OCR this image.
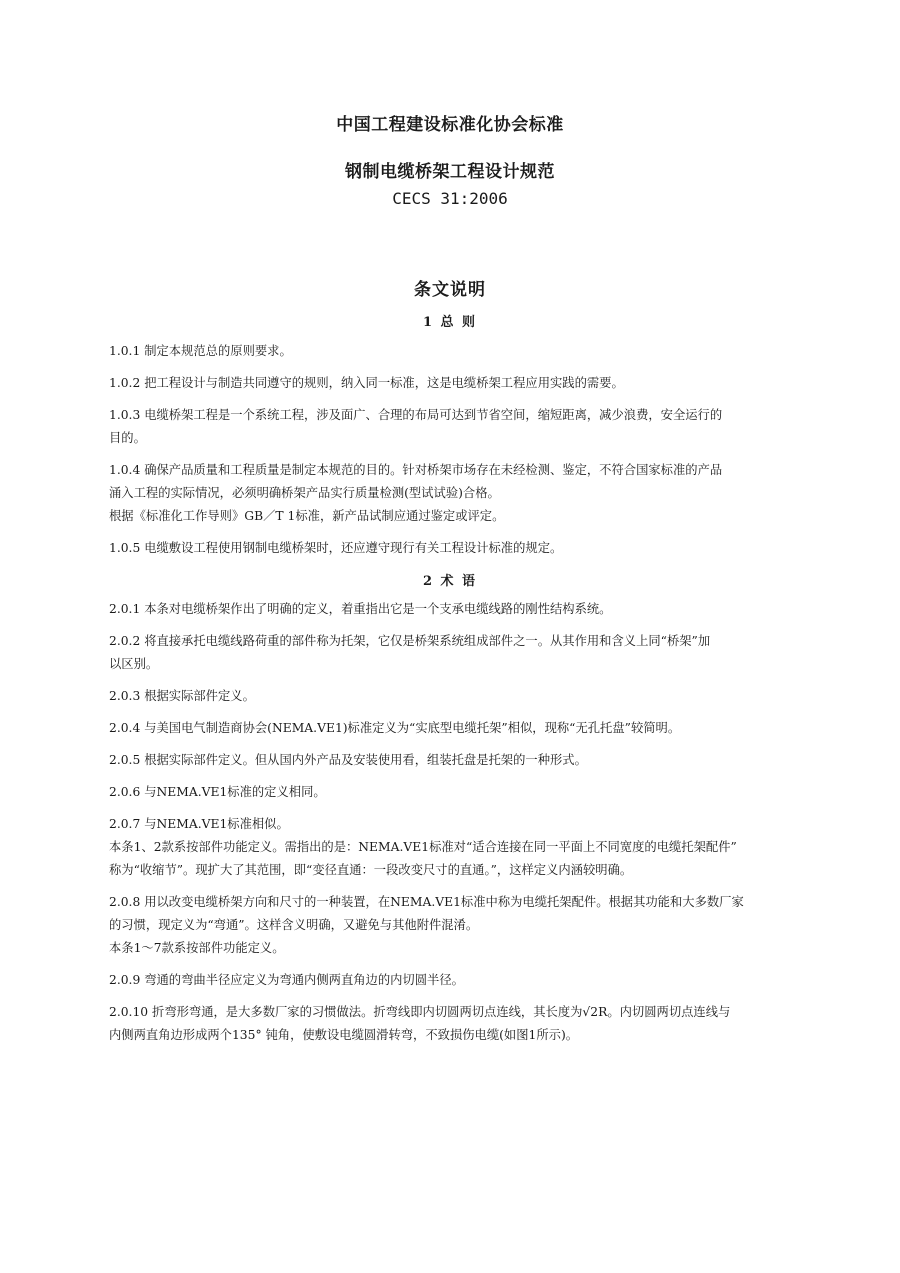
中国工程建设标准化协会标准
钢制电缆桥架工程设计规范
CECS 31:2006
条文说明
1 总 则
1.0.1 制定本规范总的原则要求。
1.0.2 把工程设计与制造共同遵守的规则，纳入同一标准，这是电缆桥架工程应用实践的需要。
1.0.3 电缆桥架工程是一个系统工程，涉及面广、合理的布局可达到节省空间，缩短距离，减少浪费，安全运行的
目的。
1.0.4 确保产品质量和工程质量是制定本规范的目的。针对桥架市场存在未经检测、鉴定，不符合国家标准的产品
涌入工程的实际情况，必须明确桥架产品实行质量检测(型试试验)合格。
根据《标准化工作导则》GB／T 1标准，新产品试制应通过鉴定或评定。
1.0.5 电缆敷设工程使用钢制电缆桥架时，还应遵守现行有关工程设计标准的规定。
2 术 语
2.0.1 本条对电缆桥架作出了明确的定义，着重指出它是一个支承电缆线路的刚性结构系统。
2.0.2 将直接承托电缆线路荷重的部件称为托架，它仅是桥架系统组成部件之一。从其作用和含义上同“桥架”加
以区别。
2.0.3 根据实际部件定义。
2.0.4 与美国电气制造商协会(NEMA.VE1)标准定义为“实底型电缆托架”相似，现称“无孔托盘”较简明。
2.0.5 根据实际部件定义。但从国内外产品及安装使用看，组装托盘是托架的一种形式。
2.0.6 与NEMA.VE1标准的定义相同。
2.0.7 与NEMA.VE1标准相似。
本条1、2款系按部件功能定义。需指出的是：NEMA.VE1标准对“适合连接在同一平面上不同宽度的电缆托架配件”
称为“收缩节”。现扩大了其范围，即“变径直通：一段改变尺寸的直通。”，这样定义内涵较明确。
2.0.8 用以改变电缆桥架方向和尺寸的一种装置，在NEMA.VE1标准中称为电缆托架配件。根据其功能和大多数厂家
的习惯，现定义为“弯通”。这样含义明确，又避免与其他附件混淆。
本条1～7款系按部件功能定义。
2.0.9 弯通的弯曲半径应定义为弯通内侧两直角边的内切圆半径。
2.0.10 折弯形弯通，是大多数厂家的习惯做法。折弯线即内切圆两切点连线，其长度为√2R。内切圆两切点连线与
内侧两直角边形成两个135° 钝角，使敷设电缆圆滑转弯，不致损伤电缆(如图1所示)。
